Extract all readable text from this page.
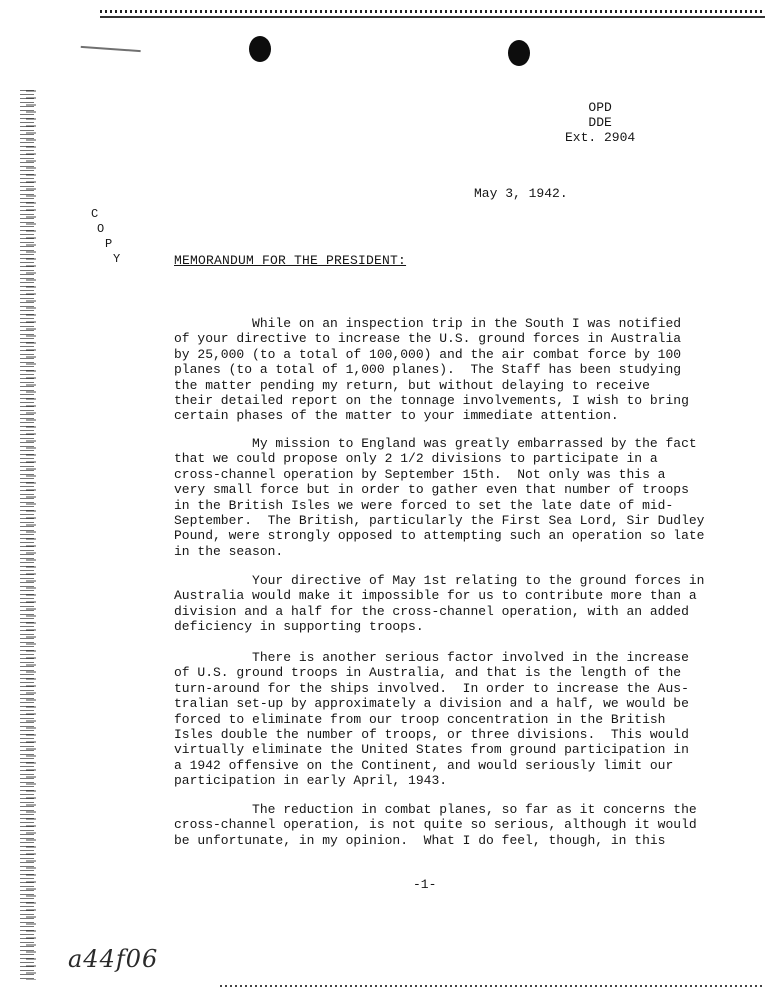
OPD
DDE
Ext. 2904
May 3, 1942.
C
O
P
Y	MEMORANDUM FOR THE PRESIDENT:
While on an inspection trip in the South I was notified
of your directive to increase the U.S. ground forces in Australia
by 25,000 (to a total of 100,000) and the air combat force by 100
planes (to a total of 1,000 planes).  The Staff has been studying
the matter pending my return, but without delaying to receive
their detailed report on the tonnage involvements, I wish to bring
certain phases of the matter to your immediate attention.
My mission to England was greatly embarrassed by the fact
that we could propose only 2 1/2 divisions to participate in a
cross-channel operation by September 15th.  Not only was this a
very small force but in order to gather even that number of troops
in the British Isles we were forced to set the late date of mid-
September.  The British, particularly the First Sea Lord, Sir Dudley
Pound, were strongly opposed to attempting such an operation so late
in the season.
Your directive of May 1st relating to the ground forces in
Australia would make it impossible for us to contribute more than a
division and a half for the cross-channel operation, with an added
deficiency in supporting troops.
There is another serious factor involved in the increase
of U.S. ground troops in Australia, and that is the length of the
turn-around for the ships involved.  In order to increase the Aus-
tralian set-up by approximately a division and a half, we would be
forced to eliminate from our troop concentration in the British
Isles double the number of troops, or three divisions.  This would
virtually eliminate the United States from ground participation in
a 1942 offensive on the Continent, and would seriously limit our
participation in early April, 1943.
The reduction in combat planes, so far as it concerns the
cross-channel operation, is not quite so serious, although it would
be unfortunate, in my opinion.  What I do feel, though, in this
-1-
a44f06
